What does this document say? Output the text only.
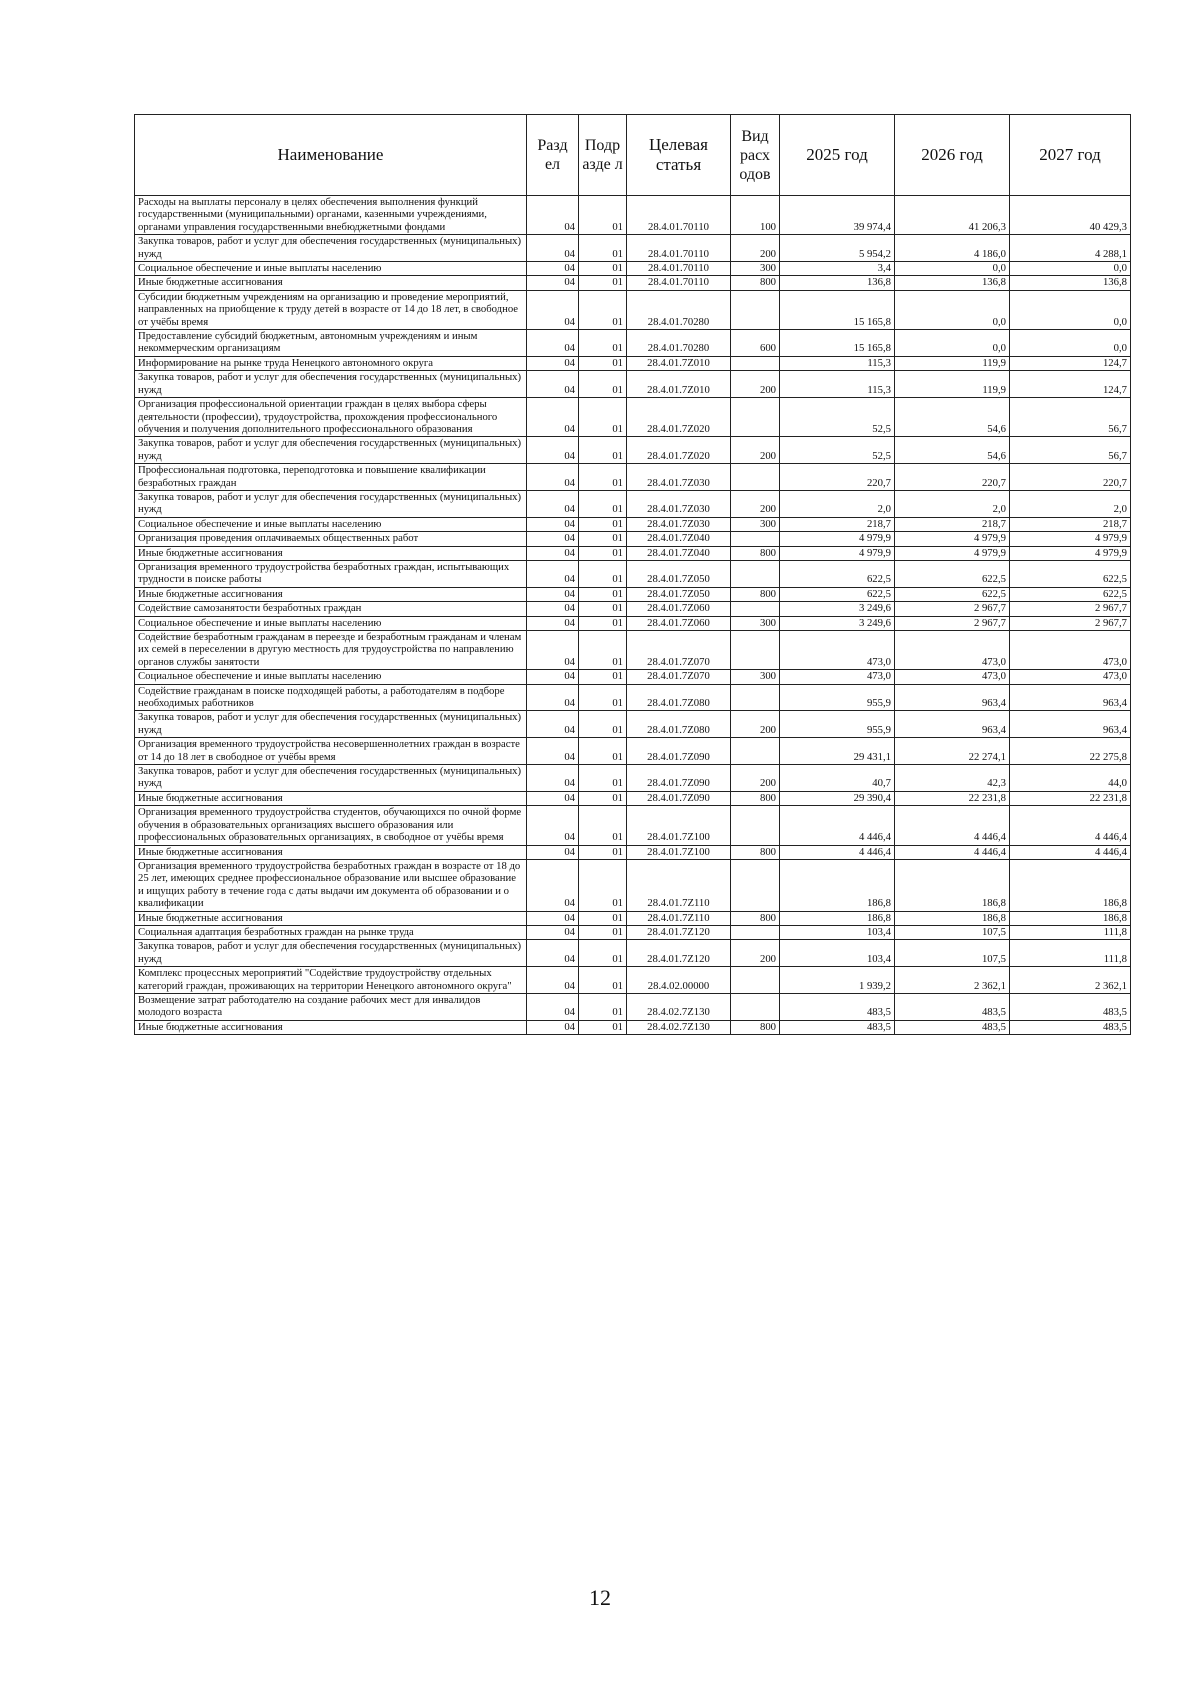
Наименование	Разд ел	Подр азде л	Целевая статья	Вид расх одов	2025 год	2026 год	2027 год
Расходы на выплаты персоналу в целях обеспечения выполнения функций государственными (муниципальными) органами, казенными учреждениями, органами управления государственными внебюджетными фондами	04	01	28.4.01.70110	100	39 974,4	41 206,3	40 429,3
Закупка товаров, работ и услуг для обеспечения государственных (муниципальных) нужд	04	01	28.4.01.70110	200	5 954,2	4 186,0	4 288,1
Социальное обеспечение и иные выплаты населению	04	01	28.4.01.70110	300	3,4	0,0	0,0
Иные бюджетные ассигнования	04	01	28.4.01.70110	800	136,8	136,8	136,8
Субсидии бюджетным учреждениям на организацию и проведение мероприятий, направленных на приобщение к труду детей в возрасте от 14 до 18 лет, в свободное от учёбы время	04	01	28.4.01.70280		15 165,8	0,0	0,0
Предоставление субсидий бюджетным, автономным учреждениям и иным некоммерческим организациям	04	01	28.4.01.70280	600	15 165,8	0,0	0,0
Информирование на рынке труда Ненецкого автономного округа	04	01	28.4.01.7Z010		115,3	119,9	124,7
Закупка товаров, работ и услуг для обеспечения государственных (муниципальных) нужд	04	01	28.4.01.7Z010	200	115,3	119,9	124,7
Организация профессиональной ориентации граждан в целях выбора сферы деятельности (профессии), трудоустройства, прохождения профессионального обучения и получения дополнительного профессионального образования	04	01	28.4.01.7Z020		52,5	54,6	56,7
Закупка товаров, работ и услуг для обеспечения государственных (муниципальных) нужд	04	01	28.4.01.7Z020	200	52,5	54,6	56,7
Профессиональная подготовка, переподготовка и повышение квалификации безработных граждан	04	01	28.4.01.7Z030		220,7	220,7	220,7
Закупка товаров, работ и услуг для обеспечения государственных (муниципальных) нужд	04	01	28.4.01.7Z030	200	2,0	2,0	2,0
Социальное обеспечение и иные выплаты населению	04	01	28.4.01.7Z030	300	218,7	218,7	218,7
Организация проведения оплачиваемых общественных работ	04	01	28.4.01.7Z040		4 979,9	4 979,9	4 979,9
Иные бюджетные ассигнования	04	01	28.4.01.7Z040	800	4 979,9	4 979,9	4 979,9
Организация временного трудоустройства безработных граждан, испытывающих трудности в поиске работы	04	01	28.4.01.7Z050		622,5	622,5	622,5
Иные бюджетные ассигнования	04	01	28.4.01.7Z050	800	622,5	622,5	622,5
Содействие самозанятости безработных граждан	04	01	28.4.01.7Z060		3 249,6	2 967,7	2 967,7
Социальное обеспечение и иные выплаты населению	04	01	28.4.01.7Z060	300	3 249,6	2 967,7	2 967,7
Содействие безработным гражданам в переезде и безработным гражданам и членам их семей в переселении в другую местность для трудоустройства по направлению органов службы занятости	04	01	28.4.01.7Z070		473,0	473,0	473,0
Социальное обеспечение и иные выплаты населению	04	01	28.4.01.7Z070	300	473,0	473,0	473,0
Содействие гражданам в поиске подходящей работы, а работодателям в подборе необходимых работников	04	01	28.4.01.7Z080		955,9	963,4	963,4
Закупка товаров, работ и услуг для обеспечения государственных (муниципальных) нужд	04	01	28.4.01.7Z080	200	955,9	963,4	963,4
Организация временного трудоустройства несовершеннолетних граждан в возрасте от 14 до 18 лет в свободное от учёбы время	04	01	28.4.01.7Z090		29 431,1	22 274,1	22 275,8
Закупка товаров, работ и услуг для обеспечения государственных (муниципальных) нужд	04	01	28.4.01.7Z090	200	40,7	42,3	44,0
Иные бюджетные ассигнования	04	01	28.4.01.7Z090	800	29 390,4	22 231,8	22 231,8
Организация временного трудоустройства студентов, обучающихся по очной форме обучения в образовательных организациях высшего образования или профессиональных образовательных организациях, в свободное от учёбы время	04	01	28.4.01.7Z100		4 446,4	4 446,4	4 446,4
Иные бюджетные ассигнования	04	01	28.4.01.7Z100	800	4 446,4	4 446,4	4 446,4
Организация временного трудоустройства безработных граждан в возрасте от 18 до 25 лет, имеющих среднее профессиональное образование или высшее образование и ищущих работу в течение года с даты выдачи им документа об образовании и о квалификации	04	01	28.4.01.7Z110		186,8	186,8	186,8
Иные бюджетные ассигнования	04	01	28.4.01.7Z110	800	186,8	186,8	186,8
Социальная адаптация безработных граждан на рынке труда	04	01	28.4.01.7Z120		103,4	107,5	111,8
Закупка товаров, работ и услуг для обеспечения государственных (муниципальных) нужд	04	01	28.4.01.7Z120	200	103,4	107,5	111,8
Комплекс процессных мероприятий "Содействие трудоустройству отдельных категорий граждан, проживающих на территории Ненецкого автономного округа"	04	01	28.4.02.00000		1 939,2	2 362,1	2 362,1
Возмещение затрат работодателю на создание рабочих мест для инвалидов молодого возраста	04	01	28.4.02.7Z130		483,5	483,5	483,5
Иные бюджетные ассигнования	04	01	28.4.02.7Z130	800	483,5	483,5	483,5
12
